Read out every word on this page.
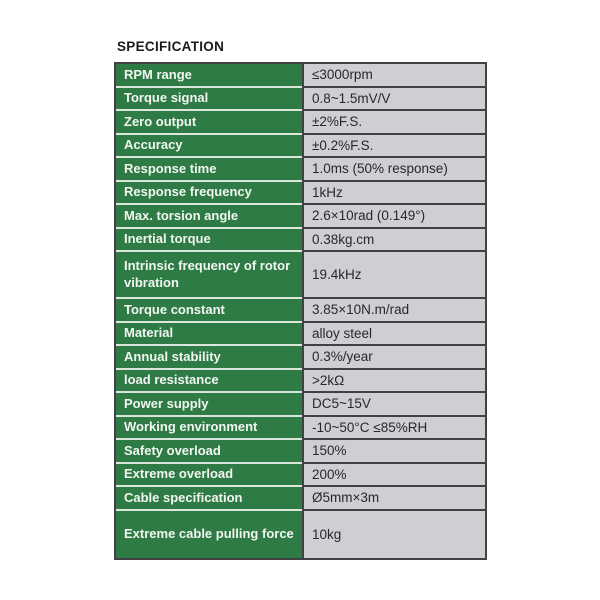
SPECIFICATION
RPM range	≤3000rpm
Torque signal	0.8~1.5mV/V
Zero output	±2%F.S.
Accuracy	±0.2%F.S.
Response time	1.0ms (50% response)
Response frequency	1kHz
Max. torsion angle	2.6×10rad (0.149°)
Inertial torque	0.38kg.cm
Intrinsic frequency of rotor vibration	19.4kHz
Torque constant	3.85×10N.m/rad
Material	alloy steel
Annual stability	0.3%/year
load resistance	>2kΩ
Power supply	DC5~15V
Working environment	-10~50°C ≤85%RH
Safety overload	150%
Extreme overload	200%
Cable specification	Ø5mm×3m
Extreme cable pulling force	10kg
